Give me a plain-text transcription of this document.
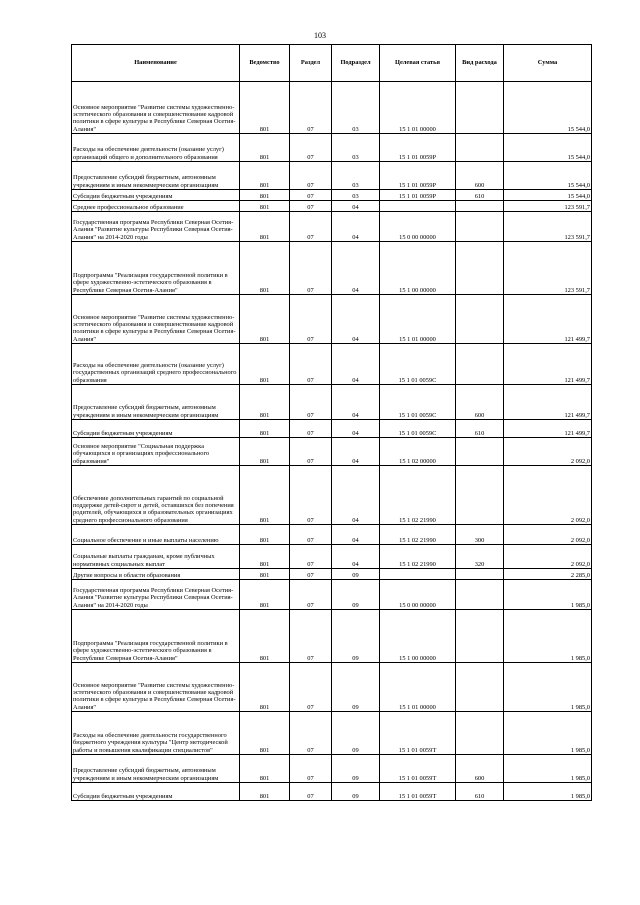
103
Наименование	Ведомство	Раздел	Подраздел	Целевая статья	Вид расхода	Сумма
Основное мероприятие "Развитие системы художественно-эстетического образования и совершенствование кадровой политики в сфере культуры в Республике Северная Осетия-Алания"	801	07	03	15 1 01 00000		15 544,0
Расходы на обеспечение деятельности (оказание услуг) организаций общего и дополнительного образования	801	07	03	15 1 01 0059Р		15 544,0
Предоставление субсидий бюджетным, автономным учреждениям и иным некоммерческим организациям	801	07	03	15 1 01 0059Р	600	15 544,0
Субсидии бюджетным учреждениям	801	07	03	15 1 01 0059Р	610	15 544,0
Среднее профессиональное образование	801	07	04			123 591,7
Государственная программа Республики Северная Осетия-Алания "Развитие культуры Республики Северная Осетия-Алания" на 2014-2020 годы	801	07	04	15 0 00 00000		123 591,7
Подпрограмма "Реализация государственной политики в сфере художественно-эстетического образования в Республике Северная Осетия-Алания"	801	07	04	15 1 00 00000		123 591,7
Основное мероприятие "Развитие системы художественно-эстетического образования и совершенствование кадровой политики в сфере культуры в Республике Северная Осетия-Алания"	801	07	04	15 1 01 00000		121 499,7
Расходы на обеспечение деятельности (оказание услуг) государственных организаций среднего профессионального образования	801	07	04	15 1 01 0059С		121 499,7
Предоставление субсидий бюджетным, автономным учреждениям и иным некоммерческим организациям	801	07	04	15 1 01 0059С	600	121 499,7
Субсидии бюджетным учреждениям	801	07	04	15 1 01 0059С	610	121 499,7
Основное мероприятие "Социальная поддержка обучающихся в организациях профессионального образования"	801	07	04	15 1 02 00000		2 092,0
Обеспечение дополнительных гарантий по социальной поддержке детей-сирот и детей, оставшихся без попечения родителей, обучающихся в образовательных организациях среднего профессионального образования	801	07	04	15 1 02 21990		2 092,0
Социальное обеспечение и иные выплаты населению	801	07	04	15 1 02 21990	300	2 092,0
Социальные выплаты гражданам, кроме публичных нормативных социальных выплат	801	07	04	15 1 02 21990	320	2 092,0
Другие вопросы в области образования	801	07	09			2 285,0
Государственная программа Республики Северная Осетия-Алания "Развитие культуры Республики Северная Осетия-Алания" на 2014-2020 годы	801	07	09	15 0 00 00000		1 985,0
Подпрограмма "Реализация государственной политики в сфере художественно-эстетического образования в Республике Северная Осетия-Алания"	801	07	09	15 1 00 00000		1 985,0
Основное мероприятие "Развитие системы художественно-эстетического образования и совершенствование кадровой политики в сфере культуры в Республике Северная Осетия-Алания"	801	07	09	15 1 01 00000		1 985,0
Расходы на обеспечение деятельности государственного бюджетного учреждения культуры "Центр методической работы и повышения квалификации специалистов"	801	07	09	15 1 01 0059Т		1 985,0
Предоставление субсидий бюджетным, автономным учреждениям и иным некоммерческим организациям	801	07	09	15 1 01 0059Т	600	1 985,0
Субсидии бюджетным учреждениям	801	07	09	15 1 01 0059Т	610	1 985,0
